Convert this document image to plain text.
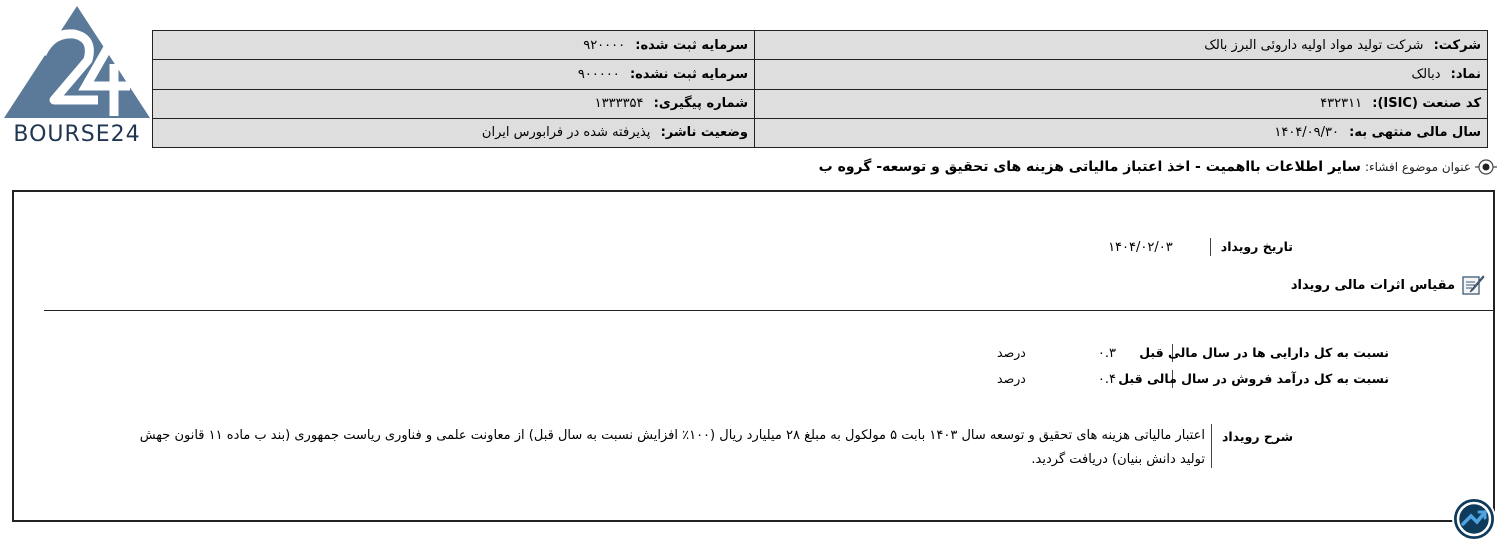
BOURSE24
شرکت: شرکت تولید مواد اولیه داروئی البرز بالک	سرمایه ثبت شده: ۹۲۰۰۰۰
نماد: دبالک	سرمایه ثبت نشده: ۹۰۰۰۰۰
کد صنعت (ISIC): ۴۳۲۳۱۱	شماره پیگیری: ۱۳۳۳۳۵۴
سال مالی منتهی به: ۱۴۰۴/۰۹/۳۰	وضعیت ناشر: پذیرفته شده در فرابورس ایران
عنوان موضوع افشاء:
سایر اطلاعات بااهمیت - اخذ اعتباز مالیاتی هزینه های تحقیق و توسعه- گروه ب
تاریخ رویداد ۱۴۰۴/۰۲/۰۳
مقیاس اثرات مالی رویداد
نسبت به کل دارایی ها در سال مالی قبل ۰.۳ درصد
نسبت به کل درآمد فروش در سال مالی قبل ۰.۴ درصد
شرح رویداد
اعتبار مالیاتی هزینه های تحقیق و توسعه سال ۱۴۰۳ بابت ۵ مولکول به مبلغ ۲۸ میلیارد ریال (۱۰۰٪ افزایش نسبت به سال قبل) از معاونت علمی و فناوری ریاست جمهوری (بند ب ماده ۱۱ قانون جهش تولید دانش بنیان) دریافت گردید.
